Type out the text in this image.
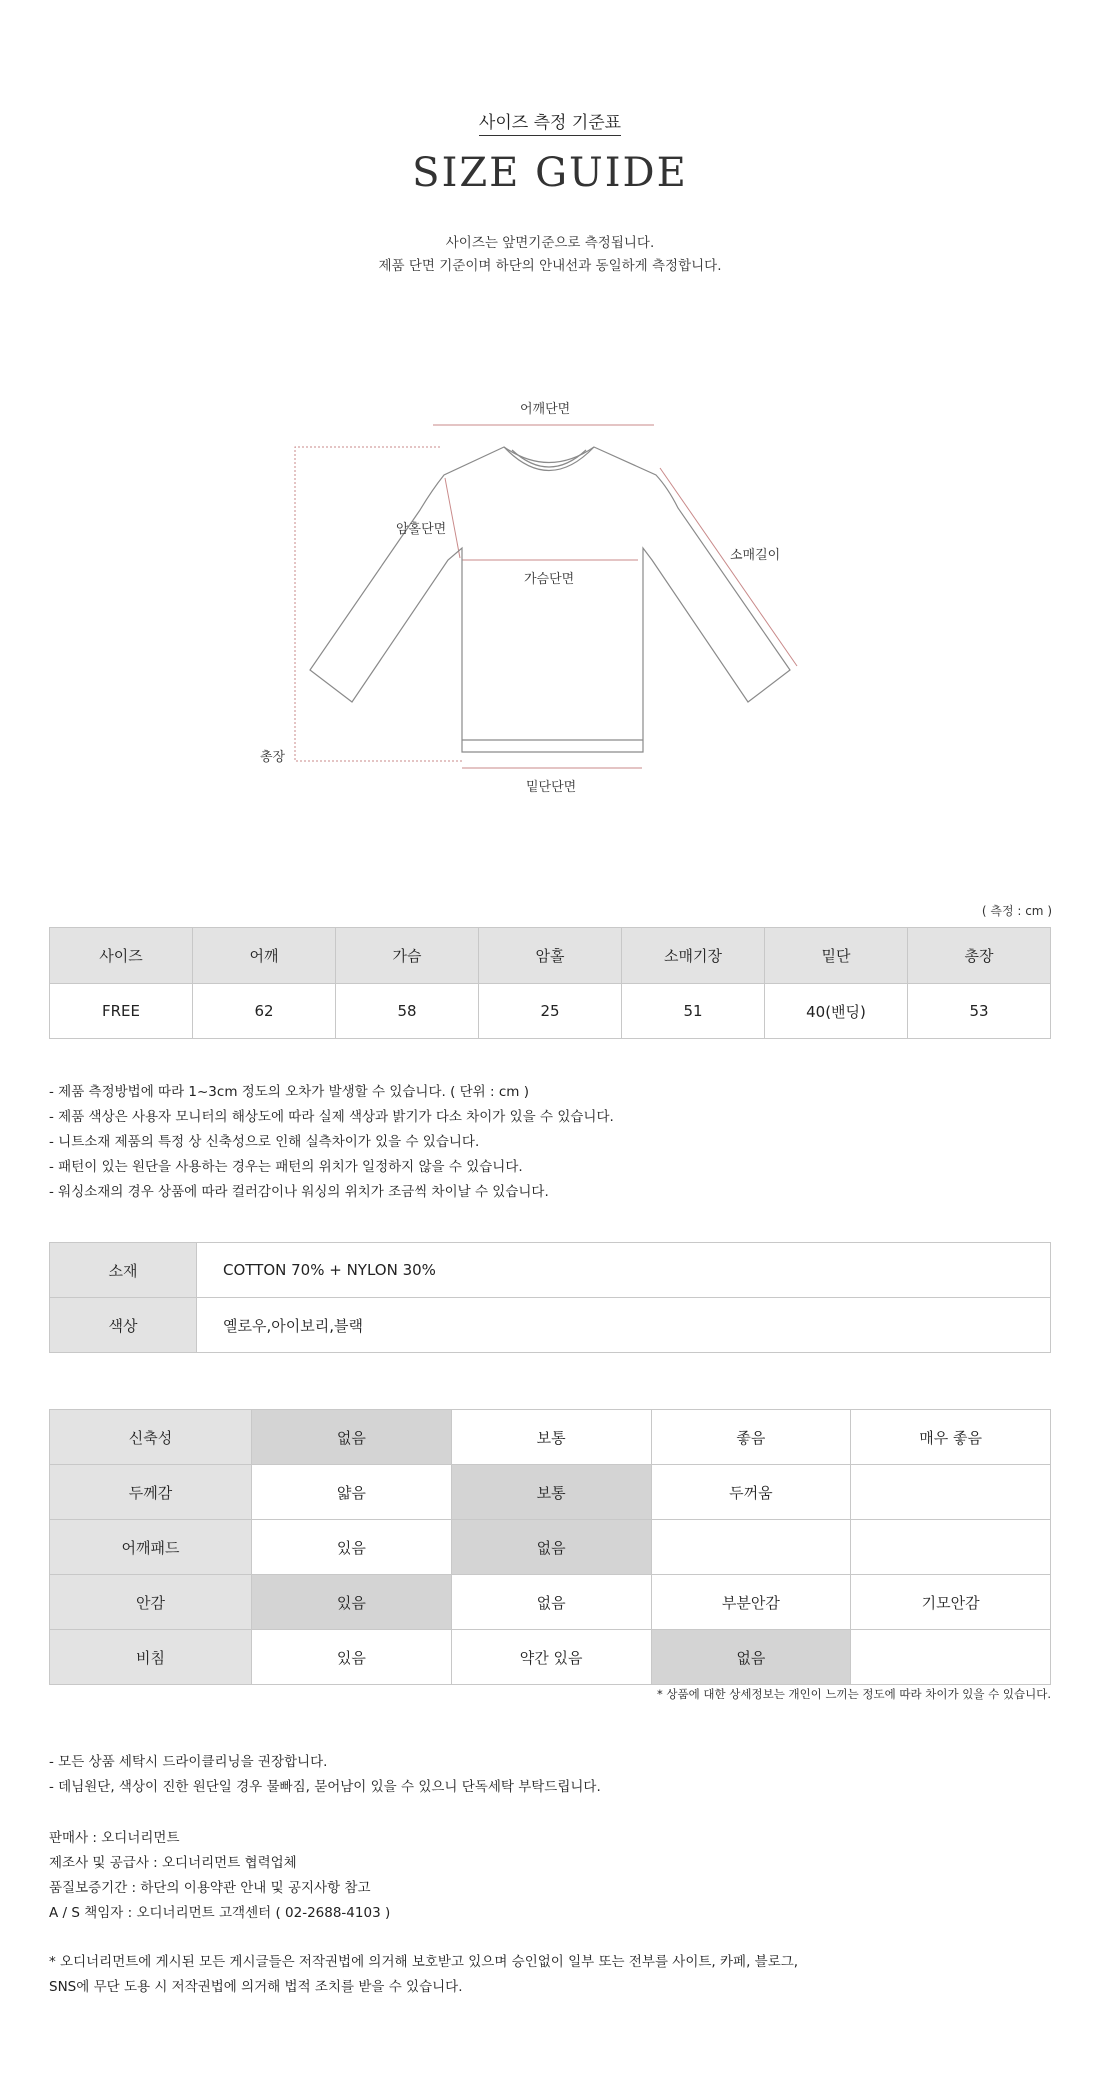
사이즈 측정 기준표
SIZE GUIDE
사이즈는 앞면기준으로 측정됩니다.
제품 단면 기준이며 하단의 안내선과 동일하게 측정합니다.
어깨단면
암홀단면
가슴단면
소매길이
총장
밑단단면
( 측정 : cm )
사이즈	어깨	가슴	암홀	소매기장	밑단	총장
FREE	62	58	25	51	40(밴딩)	53
- 제품 측정방법에 따라 1~3cm 정도의 오차가 발생할 수 있습니다. ( 단위 : cm )
- 제품 색상은 사용자 모니터의 해상도에 따라 실제 색상과 밝기가 다소 차이가 있을 수 있습니다.
- 니트소재 제품의 특정 상 신축성으로 인해 실측차이가 있을 수 있습니다.
- 패턴이 있는 원단을 사용하는 경우는 패턴의 위치가 일정하지 않을 수 있습니다.
- 워싱소재의 경우 상품에 따라 컬러감이나 워싱의 위치가 조금씩 차이날 수 있습니다.
소재	COTTON 70% + NYLON 30%
색상	옐로우,아이보리,블랙
신축성	없음	보통	좋음	매우 좋음
두께감	얇음	보통	두꺼움	
어깨패드	있음	없음		
안감	있음	없음	부분안감	기모안감
비침	있음	약간 있음	없음	
* 상품에 대한 상세정보는 개인이 느끼는 정도에 따라 차이가 있을 수 있습니다.
- 모든 상품 세탁시 드라이클리닝을 권장합니다.
- 데님원단, 색상이 진한 원단일 경우 물빠짐, 묻어남이 있을 수 있으니 단독세탁 부탁드립니다.
판매사 : 오디너리먼트
제조사 및 공급사 : 오디너리먼트 협력업체
품질보증기간 : 하단의 이용약관 안내 및 공지사항 참고
A / S 책임자 : 오디너리먼트 고객센터 ( 02-2688-4103 )
* 오디너리먼트에 게시된 모든 게시글들은 저작권법에 의거해 보호받고 있으며 승인없이 일부 또는 전부를 사이트, 카페, 블로그,
SNS에 무단 도용 시 저작권법에 의거해 법적 조치를 받을 수 있습니다.
